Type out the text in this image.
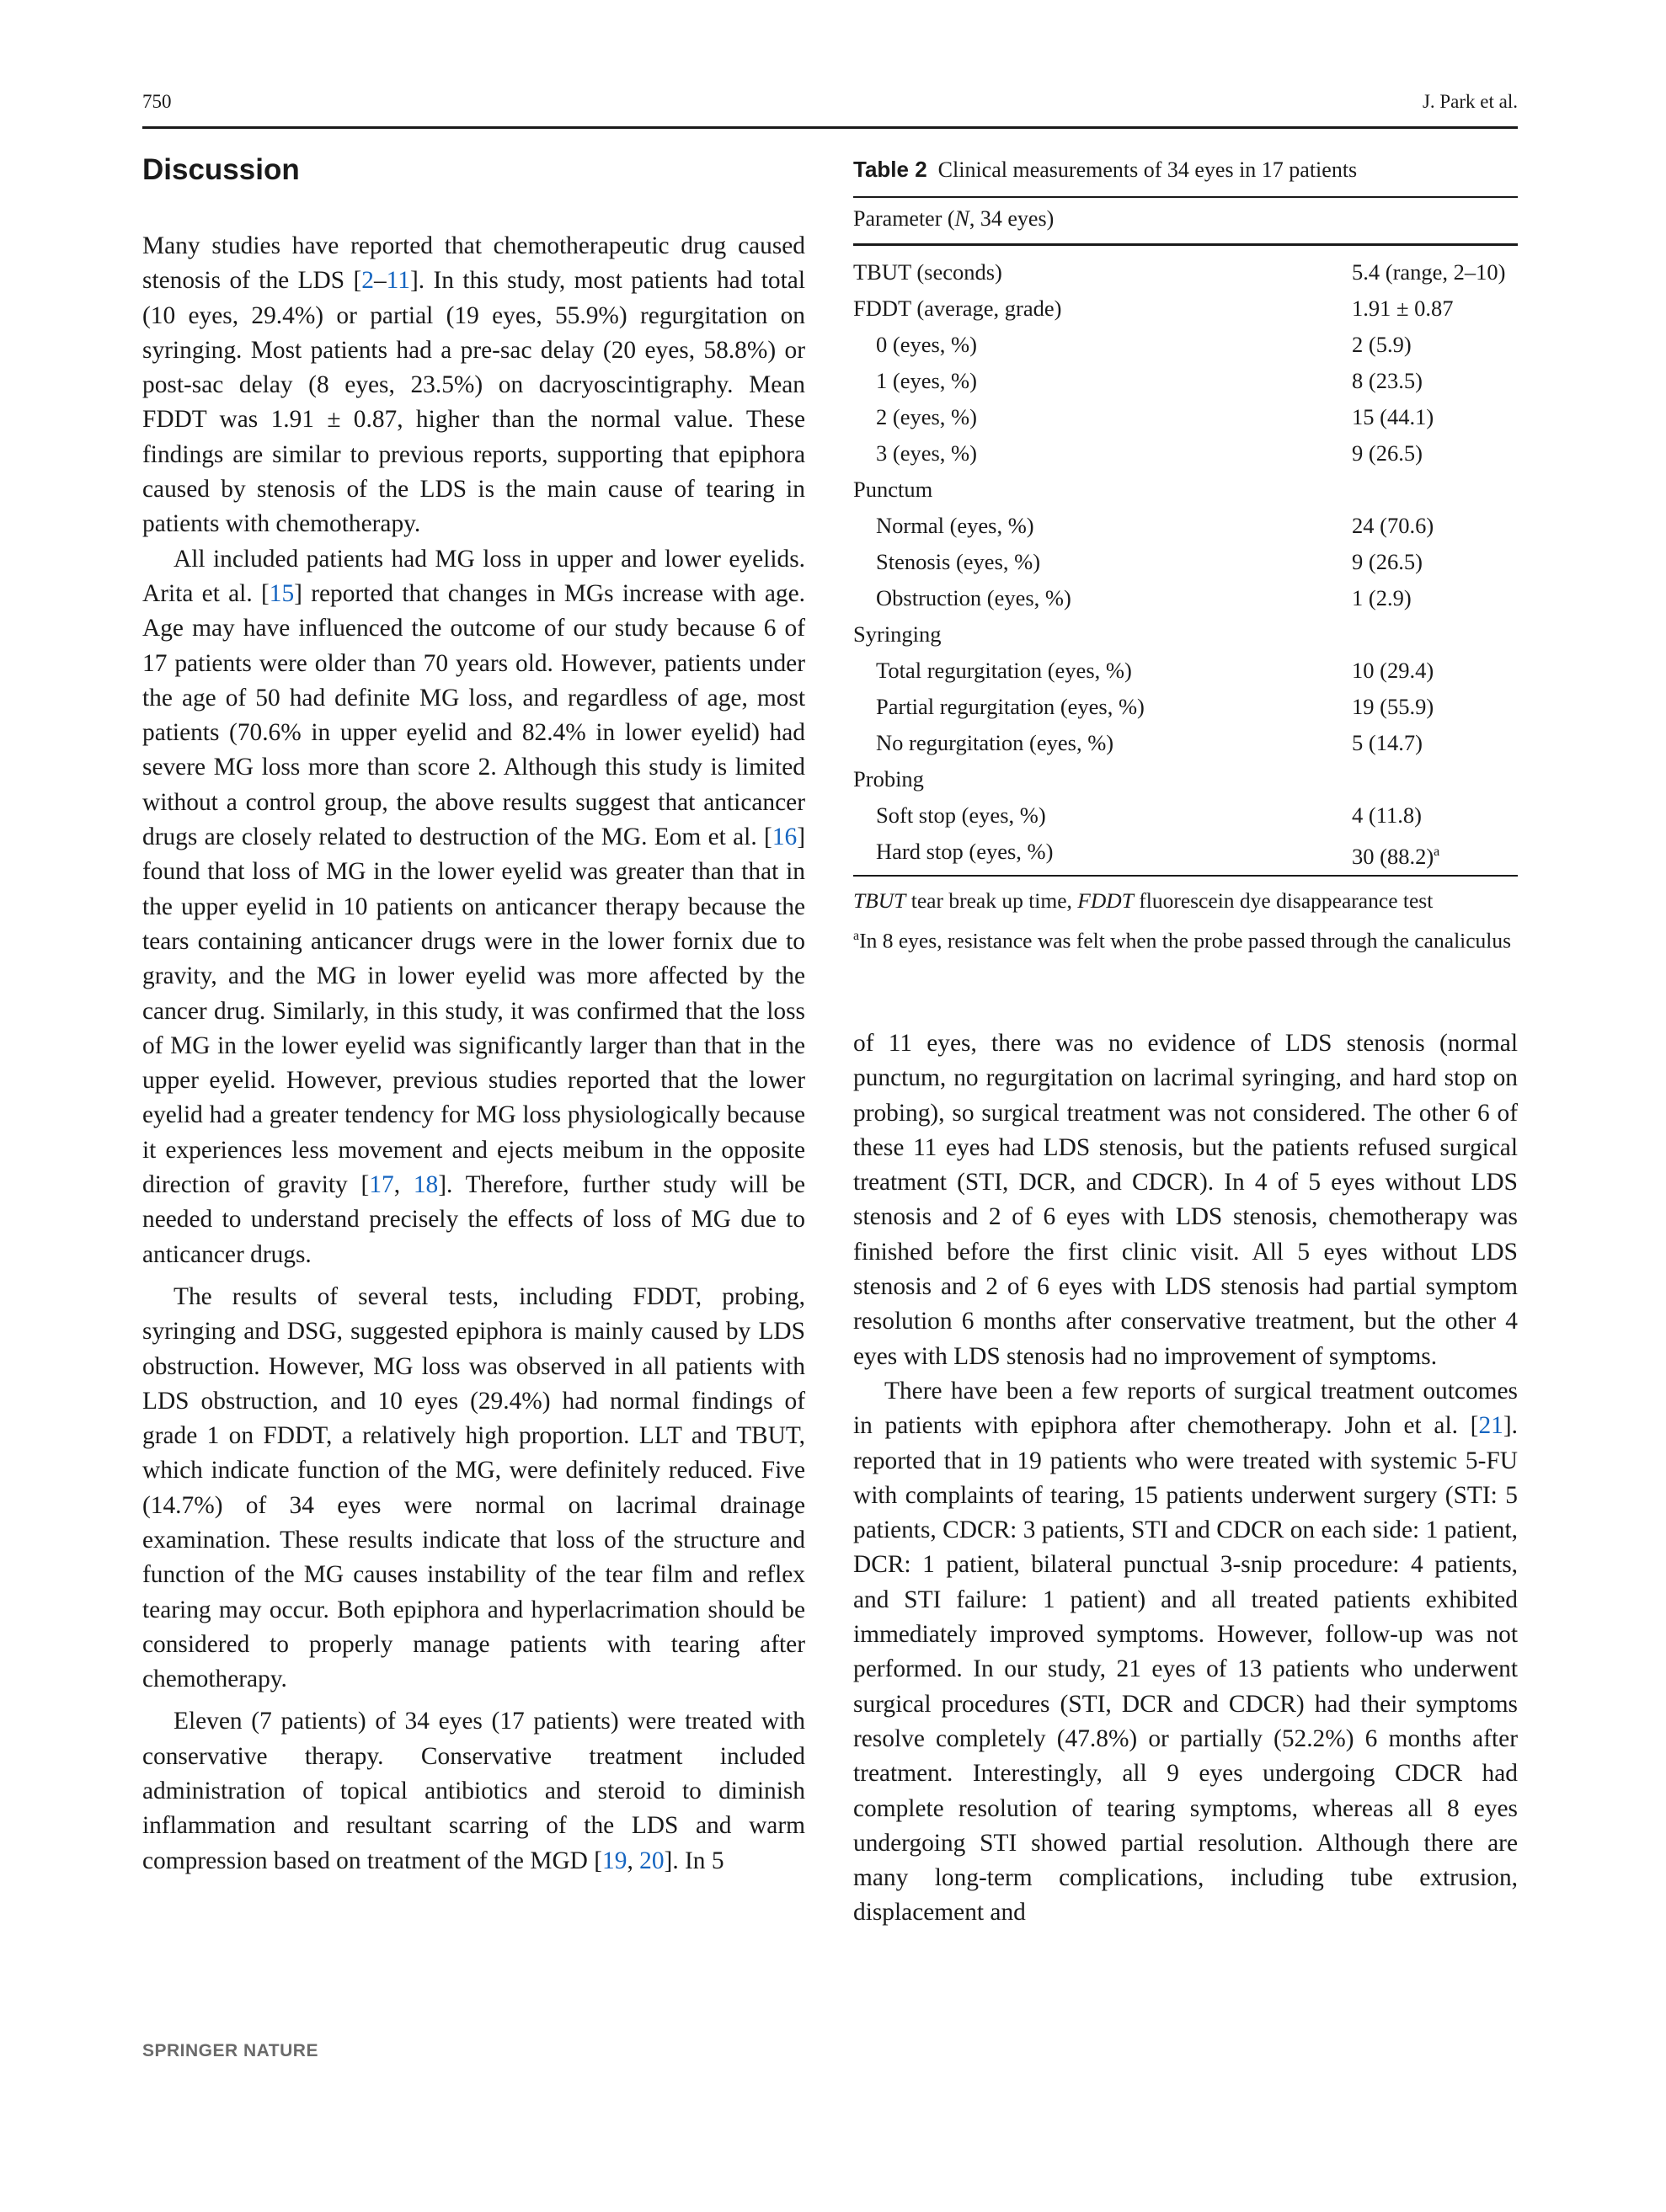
750	J. Park et al.
Discussion

Many studies have reported that chemotherapeutic drug caused stenosis of the LDS [2–11]. In this study, most patients had total (10 eyes, 29.4%) or partial (19 eyes, 55.9%) regurgitation on syringing. Most patients had a pre-sac delay (20 eyes, 58.8%) or post-sac delay (8 eyes, 23.5%) on dacryoscintigraphy. Mean FDDT was 1.91 ± 0.87, higher than the normal value. These findings are similar to previous reports, supporting that epiphora caused by stenosis of the LDS is the main cause of tearing in patients with chemotherapy.

All included patients had MG loss in upper and lower eyelids. Arita et al. [15] reported that changes in MGs increase with age. Age may have influenced the outcome of our study because 6 of 17 patients were older than 70 years old. However, patients under the age of 50 had definite MG loss, and regardless of age, most patients (70.6% in upper eyelid and 82.4% in lower eyelid) had severe MG loss more than score 2. Although this study is limited without a control group, the above results suggest that anticancer drugs are closely related to destruction of the MG. Eom et al. [16] found that loss of MG in the lower eyelid was greater than that in the upper eyelid in 10 patients on anticancer therapy because the tears containing anticancer drugs were in the lower fornix due to gravity, and the MG in lower eyelid was more affected by the cancer drug. Similarly, in this study, it was confirmed that the loss of MG in the lower eyelid was significantly larger than that in the upper eyelid. However, previous studies reported that the lower eyelid had a greater tendency for MG loss physiologically because it experiences less movement and ejects meibum in the opposite direction of gravity [17, 18]. Therefore, further study will be needed to understand precisely the effects of loss of MG due to anticancer drugs.

The results of several tests, including FDDT, probing, syringing and DSG, suggested epiphora is mainly caused by LDS obstruction. However, MG loss was observed in all patients with LDS obstruction, and 10 eyes (29.4%) had normal findings of grade 1 on FDDT, a relatively high proportion. LLT and TBUT, which indicate function of the MG, were definitely reduced. Five (14.7%) of 34 eyes were normal on lacrimal drainage examination. These results indicate that loss of the structure and function of the MG causes instability of the tear film and reflex tearing may occur. Both epiphora and hyperlacrimation should be considered to properly manage patients with tearing after chemotherapy.

Eleven (7 patients) of 34 eyes (17 patients) were treated with conservative therapy. Conservative treatment included administration of topical antibiotics and steroid to diminish inflammation and resultant scarring of the LDS and warm compression based on treatment of the MGD [19, 20]. In 5

Table 2 Clinical measurements of 34 eyes in 17 patients

Parameter (N, 34 eyes)
TBUT (seconds)	5.4 (range, 2–10)
FDDT (average, grade)	1.91 ± 0.87
0 (eyes, %)	2 (5.9)
1 (eyes, %)	8 (23.5)
2 (eyes, %)	15 (44.1)
3 (eyes, %)	9 (26.5)
Punctum
Normal (eyes, %)	24 (70.6)
Stenosis (eyes, %)	9 (26.5)
Obstruction (eyes, %)	1 (2.9)
Syringing
Total regurgitation (eyes, %)	10 (29.4)
Partial regurgitation (eyes, %)	19 (55.9)
No regurgitation (eyes, %)	5 (14.7)
Probing
Soft stop (eyes, %)	4 (11.8)
Hard stop (eyes, %)	30 $(88.2)^a$

TBUT tear break up time, FDDT fluorescein dye disappearance test

$^a$In 8 eyes, resistance was felt when the probe passed through the canaliculus

of 11 eyes, there was no evidence of LDS stenosis (normal punctum, no regurgitation on lacrimal syringing, and hard stop on probing), so surgical treatment was not considered. The other 6 of these 11 eyes had LDS stenosis, but the patients refused surgical treatment (STI, DCR, and CDCR). In 4 of 5 eyes without LDS stenosis and 2 of 6 eyes with LDS stenosis, chemotherapy was finished before the first clinic visit. All 5 eyes without LDS stenosis and 2 of 6 eyes with LDS stenosis had partial symptom resolution 6 months after conservative treatment, but the other 4 eyes with LDS stenosis had no improvement of symptoms.

There have been a few reports of surgical treatment outcomes in patients with epiphora after chemotherapy. John et al. [21]. reported that in 19 patients who were treated with systemic 5-FU with complaints of tearing, 15 patients underwent surgery (STI: 5 patients, CDCR: 3 patients, STI and CDCR on each side: 1 patient, DCR: 1 patient, bilateral punctual 3-snip procedure: 4 patients, and STI failure: 1 patient) and all treated patients exhibited immediately improved symptoms. However, follow-up was not performed. In our study, 21 eyes of 13 patients who underwent surgical procedures (STI, DCR and CDCR) had their symptoms resolve completely (47.8%) or partially (52.2%) 6 months after treatment. Interestingly, all 9 eyes undergoing CDCR had complete resolution of tearing symptoms, whereas all 8 eyes undergoing STI showed partial resolution. Although there are many long-term complications, including tube extrusion, displacement and

SPRINGER NATURE
